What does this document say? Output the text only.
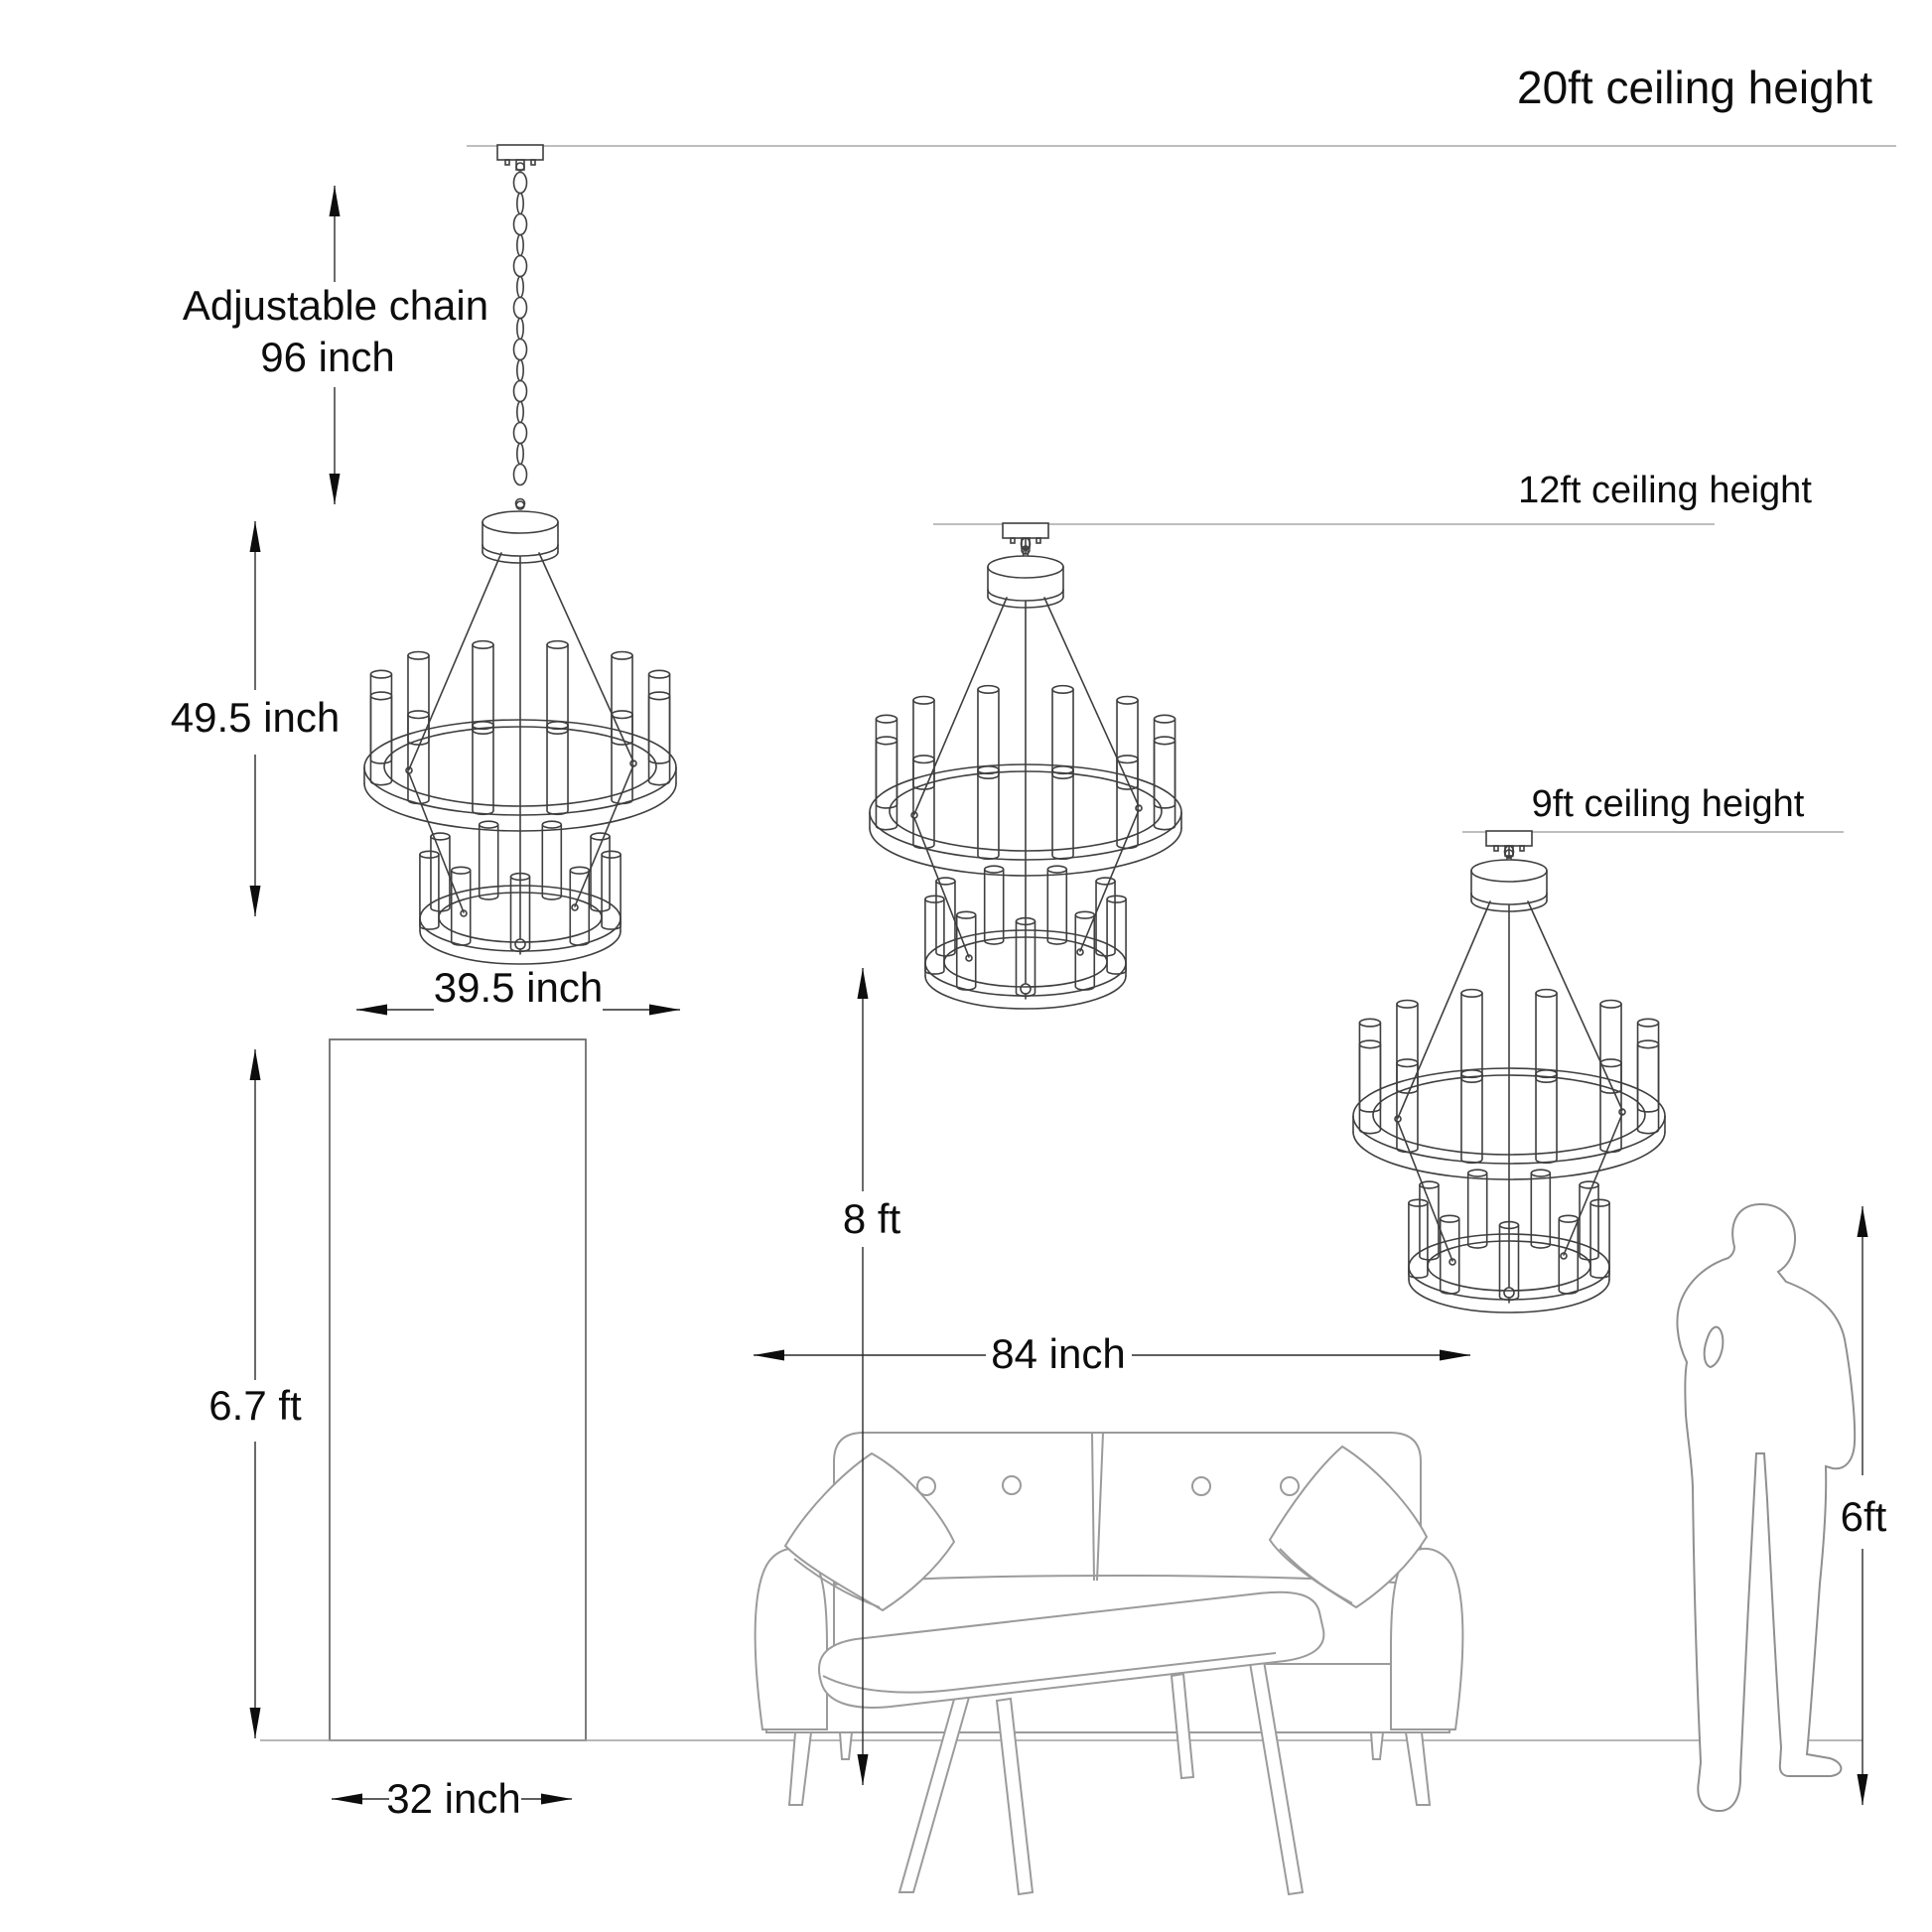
Adjustable chain
96 inch
49.5 inch
39.5 inch
6.7 ft
32 inch
8 ft
84 inch
6ft
20ft ceiling height
12ft ceiling height
9ft ceiling height
